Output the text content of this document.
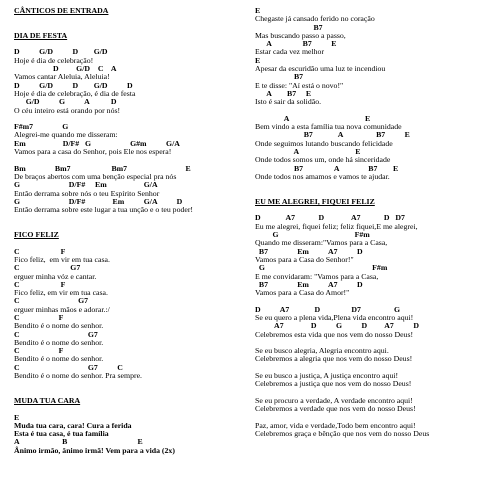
CÂNTICOS DE ENTRADA
DIA DE FESTA
D          G/D          D        G/D
Hoje é dia de celebração!
D         G/D    C    A
Vamos cantar Aleluia, Aleluia!
D          G/D          D        G/D          D
Hoje é dia de celebração, é dia de festa
G/D          G          A           D
O céu inteiro está orando por nós!
F#m7               G
Alegrei-me quando me disseram:
Em                   D/F#   G                    G#m          G/A
Vamos para a casa do Senhor, pois Ele nos espera!
Bm               Bm7                     Bm7                              E
De braços abertos com uma benção especial pra nós
G                         D/F#     Em                   G/A
Então derrama sobre nós o teu Espírito Senhor
G                         D/F#              Em          G/A          D
Então derrama sobre este lugar a tua unção e o teu poder!
FICO FELIZ
C                     F
Fico feliz,  em vir em tua casa.
C                          G7
erguer minha vóz e cantar.
C                     F
Fico feliz, em vir em tua casa.
C                              G7
erguer minhas mãos e adorar.:/
C                    F
Bendito é o nome do senhor.
C                                   G7
Bendito é o nome do senhor.
C                    F
Bendito é o nome do senhor.
C                                   G7          C
Bendito é o nome do senhor. Pra sempre.
MUDA TUA CARA
E
Muda tua cara, cara! Cura a ferida
Esta é tua casa, é tua família
A                      B                                    E
Ânimo irmão, ânimo irmã! Vem para a vida (2x)
E
Chegaste já cansado ferido no coração
B7
Mas buscando passo a passo,
A                B7          E
Estar cada vez melhor
E
Apesar da escuridão uma luz te incendiou
B7
E te disse: "Aí está o novo!"
A        B7     E
Isto é sair da solidão.
A                                       E
Bem vindo a esta família tua nova comunidade
B7             A                 B7          E
Onde seguimos lutando buscando felicidade
A                             E
Onde todos somos um, onde há sinceridade
B7                A               B7        E
Onde todos nos amamos e vamos te ajudar.
EU ME ALEGREI, FIQUEI FELIZ
D             A7            D              A7            D   D7
Eu me alegrei, fiquei feliz; feliz fiquei,E me alegrei,
G                                       F#m
Quando me disseram:"Vamos para a Casa,
B7               Em          A7          D
Vamos para a Casa do Senhor!"
G                                                       F#m
E me convidaram: "Vamos para a Casa,
B7               Em          A7          D
Vamos para a Casa do Amor!"
D          A7             D                D7                 G
Se eu quero a plena vida,Plena vida encontro aqui!
A7              D          G          D         A7          D
Celebremos esta vida que nos vem do nosso Deus!
Se eu busco alegria, Alegria encontro aqui.
Celebremos a alegria que nos vem do nosso Deus!
Se eu busco a justiça, A justiça encontro aqui!
Celebremos a justiça que nos vem do nosso Deus!
Se eu procuro a verdade, A verdade encontro aqui!
Celebremos a verdade que nos vem do nosso Deus!
Paz, amor, vida e verdade,Todo bem encontro aqui!
Celebremos graça e bênção que nos vem do nosso Deus
